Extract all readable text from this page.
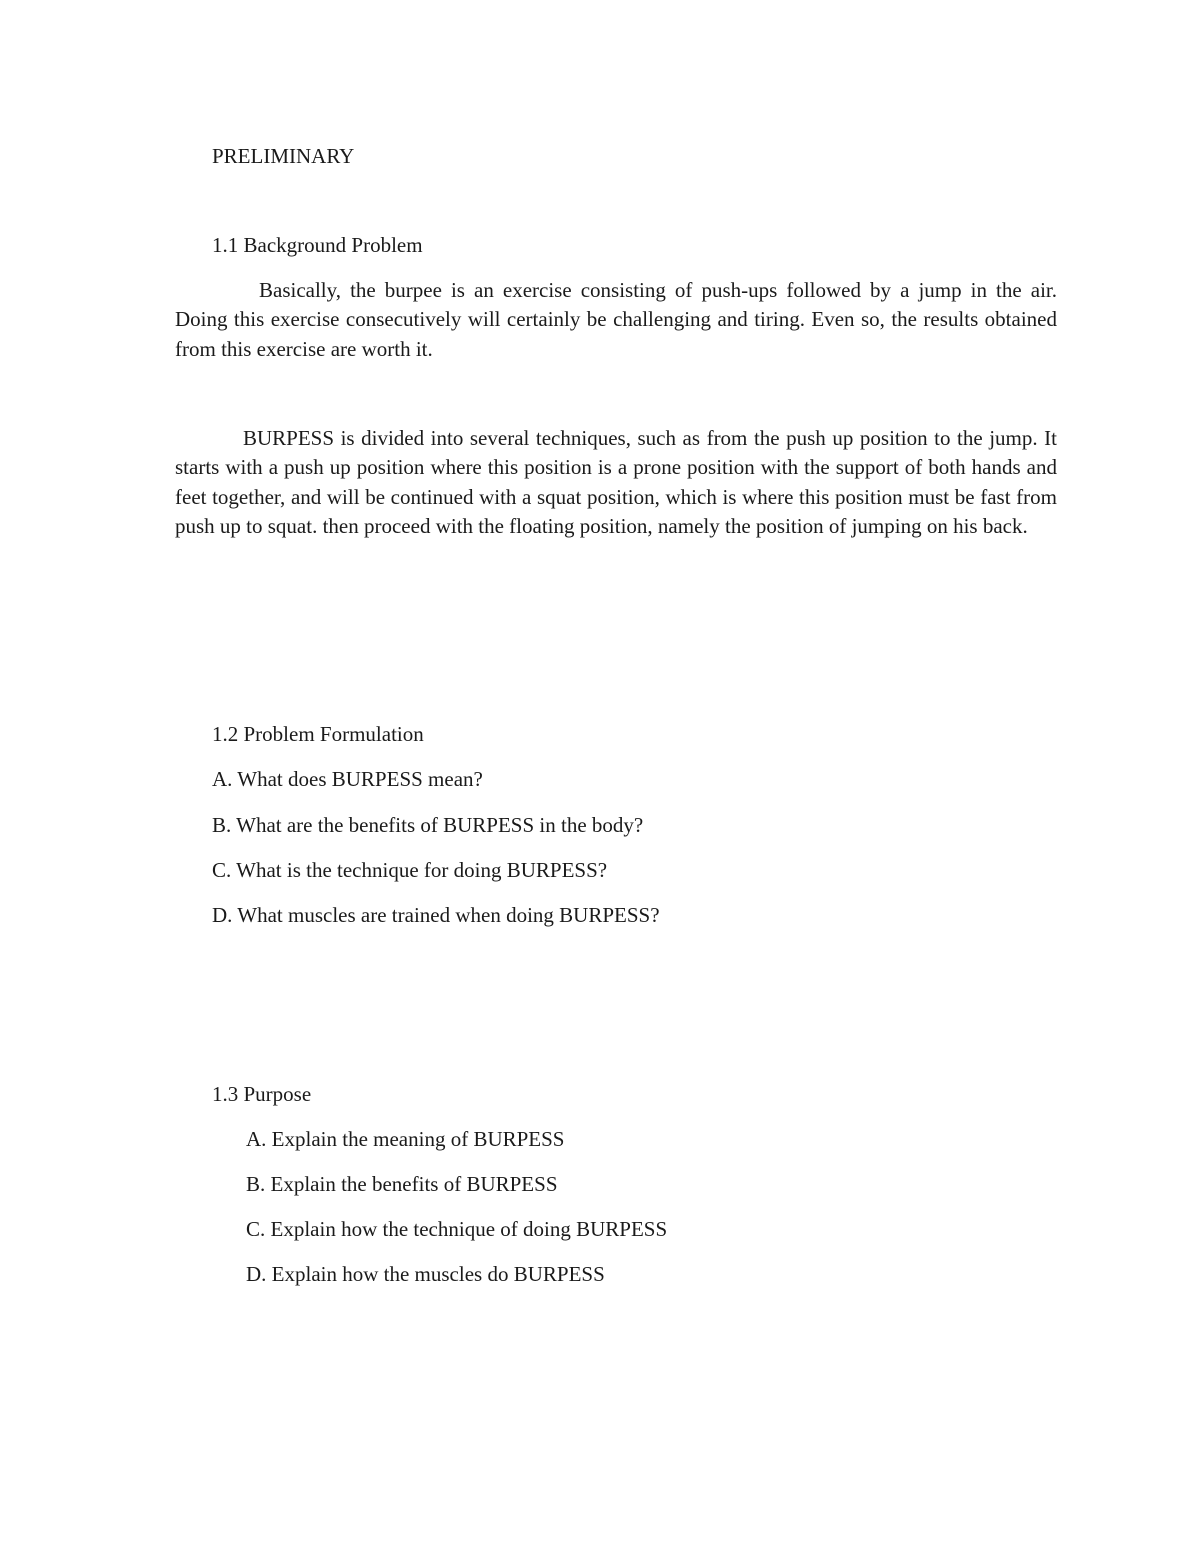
PRELIMINARY
1.1 Background Problem

Basically, the burpee is an exercise consisting of push-ups followed by a jump in the air. Doing this exercise consecutively will certainly be challenging and tiring. Even so, the results obtained from this exercise are worth it.

BURPESS is divided into several techniques, such as from the push up position to the jump. It starts with a push up position where this position is a prone position with the support of both hands and feet together, and will be continued with a squat position, which is where this position must be fast from push up to squat. then proceed with the floating position, namely the position of jumping on his back.

1.2 Problem Formulation
A. What does BURPESS mean?
B. What are the benefits of BURPESS in the body?
C. What is the technique for doing BURPESS?
D. What muscles are trained when doing BURPESS?
1.3 Purpose
A. Explain the meaning of BURPESS
B. Explain the benefits of BURPESS
C. Explain how the technique of doing BURPESS
D. Explain how the muscles do BURPESS
